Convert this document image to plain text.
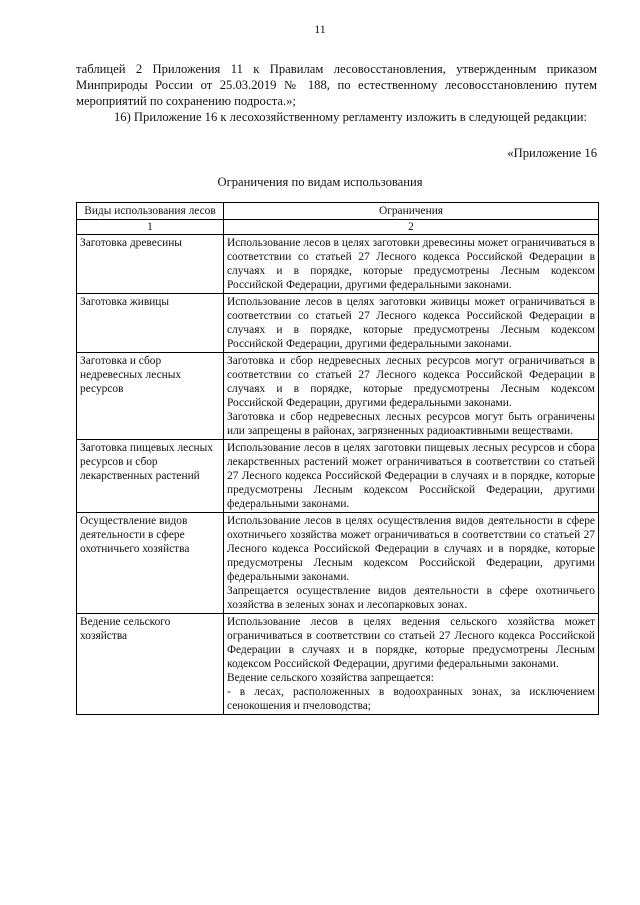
11
таблицей 2 Приложения 11 к Правилам лесовосстановления, утвержденным приказом Минприроды России от 25.03.2019 № 188, по естественному лесовосстановлению путем мероприятий по сохранению подроста.»;
16) Приложение 16 к лесохозяйственному регламенту изложить в следующей редакции:
«Приложение 16
Ограничения по видам использования
Виды использования лесов	Ограничения
1	2
Заготовка древесины	Использование лесов в целях заготовки древесины может ограничиваться в соответствии со статьей 27 Лесного кодекса Российской Федерации в случаях и в порядке, которые предусмотрены Лесным кодексом Российской Федерации, другими федеральными законами.

Заготовка живицы	Использование лесов в целях заготовки живицы может ограничиваться в соответствии со статьей 27 Лесного кодекса Российской Федерации в случаях и в порядке, которые предусмотрены Лесным кодексом Российской Федерации, другими федеральными законами.

Заготовка и сбор недревесных лесных ресурсов	Заготовка и сбор недревесных лесных ресурсов могут ограничиваться в соответствии со статьей 27 Лесного кодекса Российской Федерации в случаях и в порядке, которые предусмотрены Лесным кодексом Российской Федерации, другими федеральными законами.

Заготовка и сбор недревесных лесных ресурсов могут быть ограничены или запрещены в районах, загрязненных радиоактивными веществами.

Заготовка пищевых лесных ресурсов и сбор лекарственных растений	Использование лесов в целях заготовки пищевых лесных ресурсов и сбора лекарственных растений может ограничиваться в соответствии со статьей 27 Лесного кодекса Российской Федерации в случаях и в порядке, которые предусмотрены Лесным кодексом Российской Федерации, другими федеральными законами.

Осуществление видов деятельности в сфере охотничьего хозяйства	Использование лесов в целях осуществления видов деятельности в сфере охотничьего хозяйства может ограничиваться в соответствии со статьей 27 Лесного кодекса Российской Федерации в случаях и в порядке, которые предусмотрены Лесным кодексом Российской Федерации, другими федеральными законами.

Запрещается осуществление видов деятельности в сфере охотничьего хозяйства в зеленых зонах и лесопарковых зонах.

Ведение сельского хозяйства	Использование лесов в целях ведения сельского хозяйства может ограничиваться в соответствии со статьей 27 Лесного кодекса Российской Федерации в случаях и в порядке, которые предусмотрены Лесным кодексом Российской Федерации, другими федеральными законами.

Ведение сельского хозяйства запрещается:

- в лесах, расположенных в водоохранных зонах, за исключением сенокошения и пчеловодства;
